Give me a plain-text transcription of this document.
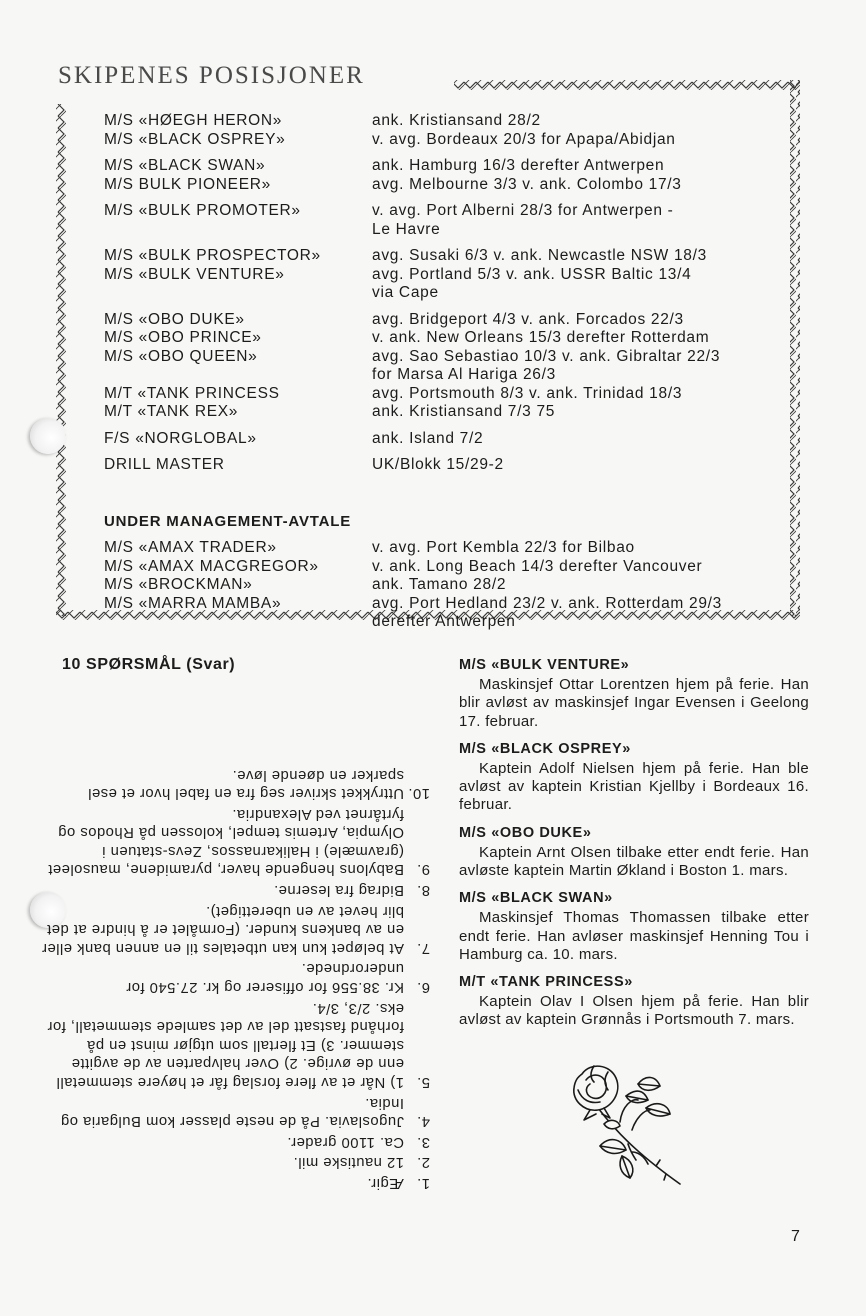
SKIPENES POSISJONER
M/S «HØEGH HERON»	ank. Kristiansand 28/2
M/S «BLACK OSPREY»	v. avg. Bordeaux 20/3 for Apapa/Abidjan
M/S «BLACK SWAN»	ank. Hamburg 16/3 derefter Antwerpen
M/S BULK PIONEER»	avg. Melbourne 3/3 v. ank. Colombo 17/3
M/S «BULK PROMOTER»	v. avg. Port Alberni 28/3 for Antwerpen -
Le Havre
M/S «BULK PROSPECTOR»	avg. Susaki 6/3 v. ank. Newcastle NSW 18/3
M/S «BULK VENTURE»	avg. Portland 5/3 v. ank. USSR Baltic 13/4
via Cape
M/S «OBO DUKE»	avg. Bridgeport 4/3 v. ank. Forcados 22/3
M/S «OBO PRINCE»	v. ank. New Orleans 15/3 derefter Rotterdam
M/S «OBO QUEEN»	avg. Sao Sebastiao 10/3 v. ank. Gibraltar 22/3
for Marsa Al Hariga 26/3
M/T «TANK PRINCESS	avg. Portsmouth 8/3 v. ank. Trinidad 18/3
M/T «TANK REX»	ank. Kristiansand 7/3 75
F/S «NORGLOBAL»	ank. Island 7/2
DRILL MASTER	UK/Blokk 15/29-2
UNDER MANAGEMENT-AVTALE
M/S «AMAX TRADER»	v. avg. Port Kembla 22/3 for Bilbao
M/S «AMAX MACGREGOR»	v. ank. Long Beach 14/3 derefter Vancouver
M/S «BROCKMAN»	ank. Tamano 28/2
M/S «MARRA MAMBA»	avg. Port Hedland 23/2 v. ank. Rotterdam 29/3
derefter Antwerpen
10 SPØRSMÅL (Svar)
1.
Ægir.
2.
12 nautiske mil.
3.
Ca. 1100 grader.
4.
Jugoslavia. På de neste plasser kom Bulgaria og India.
5.
1) Når et av flere forslag får et høyere stemmetall enn de øvrige. 2) Over halvparten av de avgitte stemmer. 3) Et flertall som utgjør minst en på forhånd fastsatt del av det samlede stemmetall, for eks. 2/3, 3/4.
6.
Kr. 38.556 for offiserer og kr. 27.540 for underordnede.
7.
At beløpet kun kan utbetales til en annen bank eller en av bankens kunder. (Formålet er å hindre at det blir hevet av en uberettiget).
8.
Bidrag fra leserne.
9.
Babylons hengende haver, pyramidene, mausoleet (gravmæle) i Halikarnassos, Zevs-statuen i Olympia, Artemis tempel, kolossen på Rhodos og fyrtårnet ved Alexandria.
10.
Uttrykket skriver seg fra en fabel hvor et esel sparker en døende løve.
M/S «BULK VENTURE»
Maskinsjef Ottar Lorentzen hjem på ferie. Han blir avløst av maskinsjef Ingar Evensen i Geelong 17. februar.
M/S «BLACK OSPREY»
Kaptein Adolf Nielsen hjem på ferie. Han ble avløst av kaptein Kristian Kjellby i Bordeaux 16. februar.
M/S «OBO DUKE»
Kaptein Arnt Olsen tilbake etter endt ferie. Han avløste kaptein Martin Økland i Boston 1. mars.
M/S «BLACK SWAN»
Maskinsjef Thomas Thomassen tilbake etter endt ferie. Han avløser maskinsjef Henning Tou i Hamburg ca. 10. mars.
M/T «TANK PRINCESS»
Kaptein Olav I Olsen hjem på ferie. Han blir avløst av kaptein Grønnås i Portsmouth 7. mars.
7
